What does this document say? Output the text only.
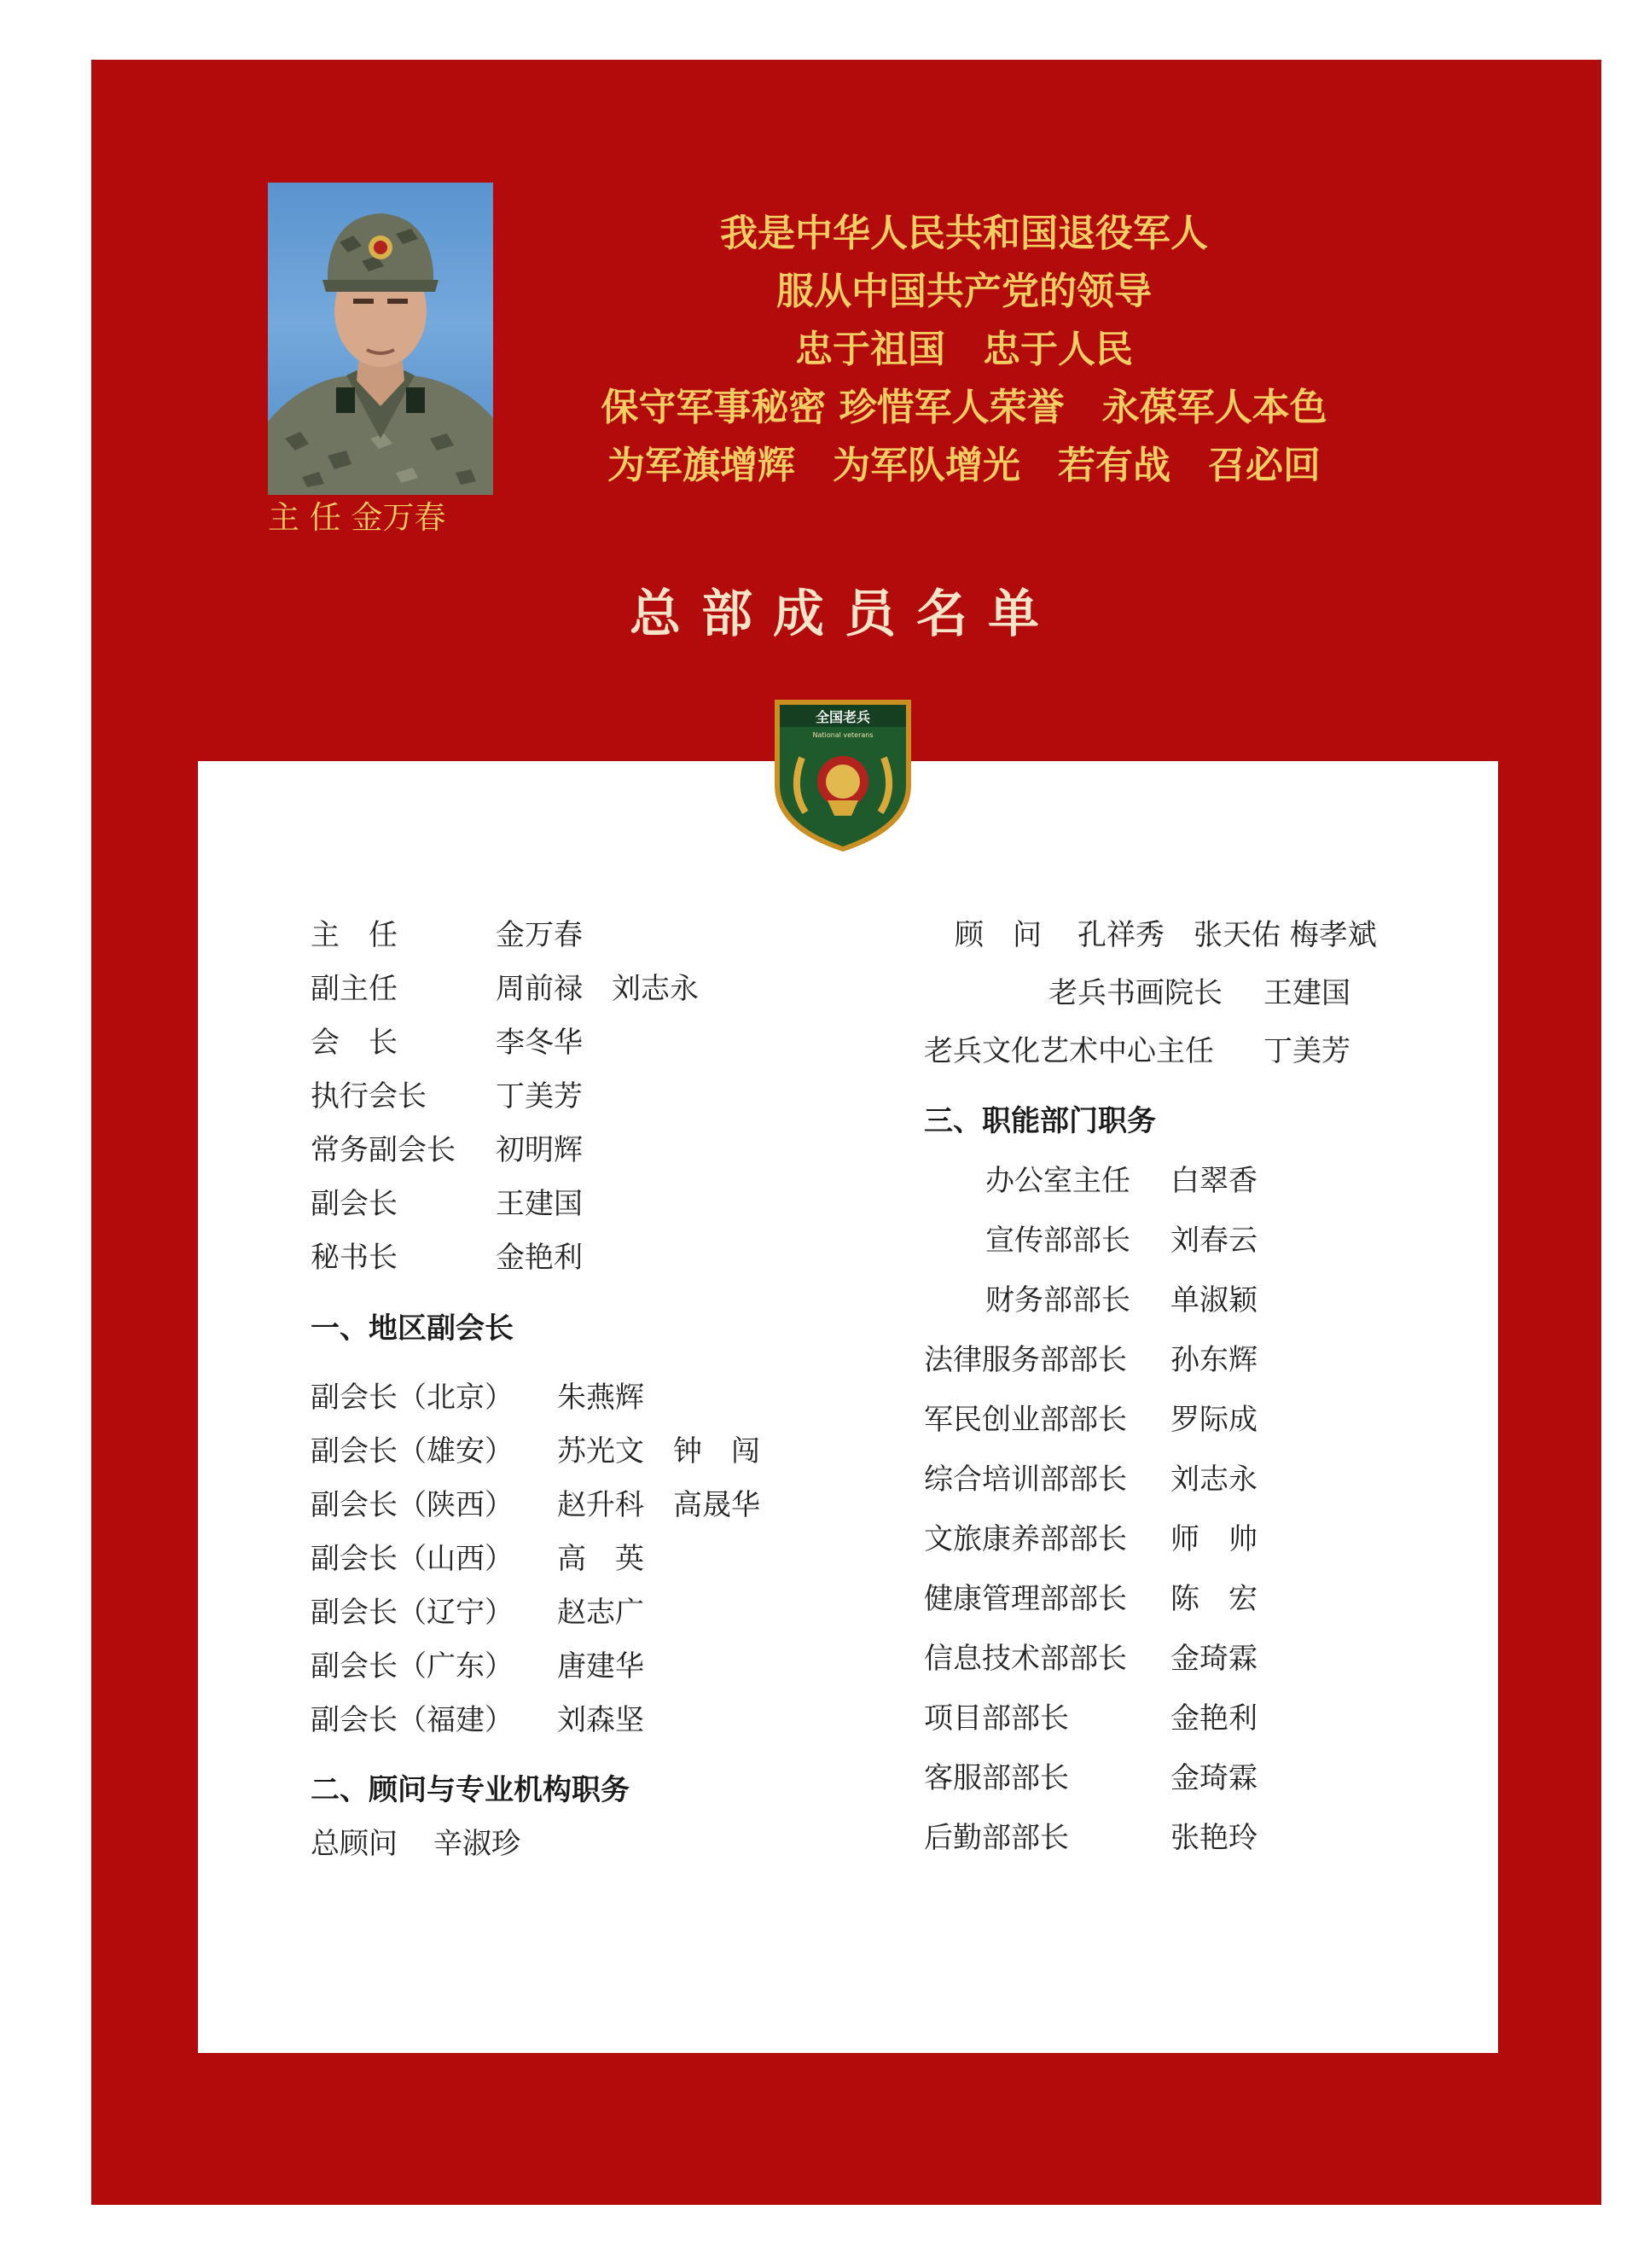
主 任 金万春
我是中华人民共和国退役军人
服从中国共产党的领导
忠于祖国　忠于人民
保守军事秘密 珍惜军人荣誉　永葆军人本色
为军旗增辉　为军队增光　若有战　召必回
总部成员名单
全国老兵
National veterans
主　任	金万春
副主任	周前禄　刘志永
会　长	李冬华
执行会长 丁美芳
常务副会长 初明辉
副会长	王建国
秘书长	金艳利
一、地区副会长
副会长（北京） 朱燕辉
副会长（雄安） 苏光文　钟　闯
副会长（陕西） 赵升科　高晟华
副会长（山西） 高　英
副会长（辽宁） 赵志广
副会长（广东） 唐建华
副会长（福建） 刘森坚
二、顾问与专业机构职务
总顾问 辛淑珍
顾　问 孔祥秀　张天佑 梅孝斌
老兵书画院长 王建国
老兵文化艺术中心主任 丁美芳
三、职能部门职务
办公室主任 白翠香
宣传部部长 刘春云
财务部部长 单淑颖
法律服务部部长 孙东辉
军民创业部部长 罗际成
综合培训部部长 刘志永
文旅康养部部长 师　帅
健康管理部部长 陈　宏
信息技术部部长 金琦霖
项目部部长	金艳利
客服部部长	金琦霖
后勤部部长	张艳玲
